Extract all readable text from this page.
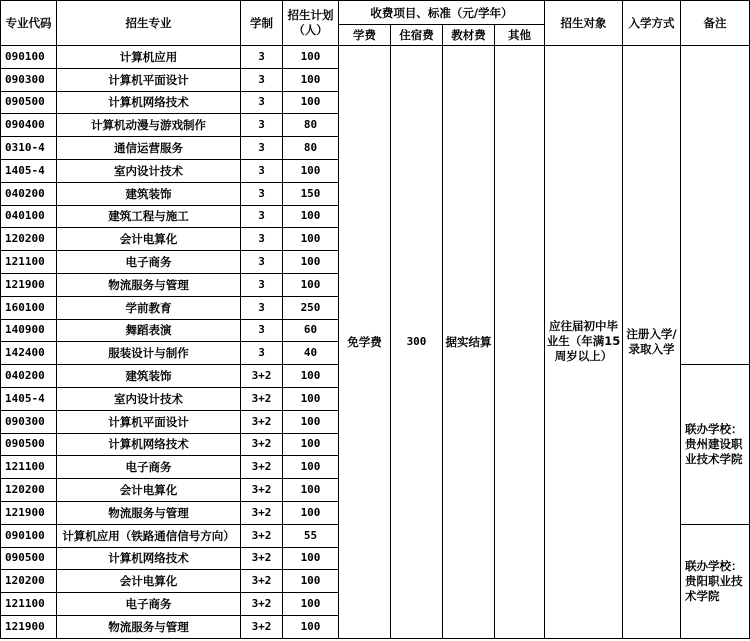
专业代码	招生专业	学制	招生计划（人）	收费项目、标准（元/学年）				招生对象	入学方式	备注
				学费	住宿费	教材费	其他			
090100	计算机应用	3	100	免学费	300	据实结算		应往届初中毕业生（年满15周岁以上）	注册入学/录取入学	
090300	计算机平面设计	3	100							
090500	计算机网络技术	3	100							
090400	计算机动漫与游戏制作	3	80							
0310-4	通信运营服务	3	80							
1405-4	室内设计技术	3	100							
040200	建筑装饰	3	150							
040100	建筑工程与施工	3	100							
120200	会计电算化	3	100							
121100	电子商务	3	100							
121900	物流服务与管理	3	100							
160100	学前教育	3	250							
140900	舞蹈表演	3	60							
142400	服装设计与制作	3	40							
040200	建筑装饰	3+2	100							联办学校：贵州建设职业技术学院
1405-4	室内设计技术	3+2	100							
090300	计算机平面设计	3+2	100							
090500	计算机网络技术	3+2	100							
121100	电子商务	3+2	100							
120200	会计电算化	3+2	100							
121900	物流服务与管理	3+2	100							
090100	计算机应用（铁路通信信号方向）	3+2	55							联办学校：贵阳职业技术学院
090500	计算机网络技术	3+2	100							
120200	会计电算化	3+2	100							
121100	电子商务	3+2	100							
121900	物流服务与管理	3+2	100							
